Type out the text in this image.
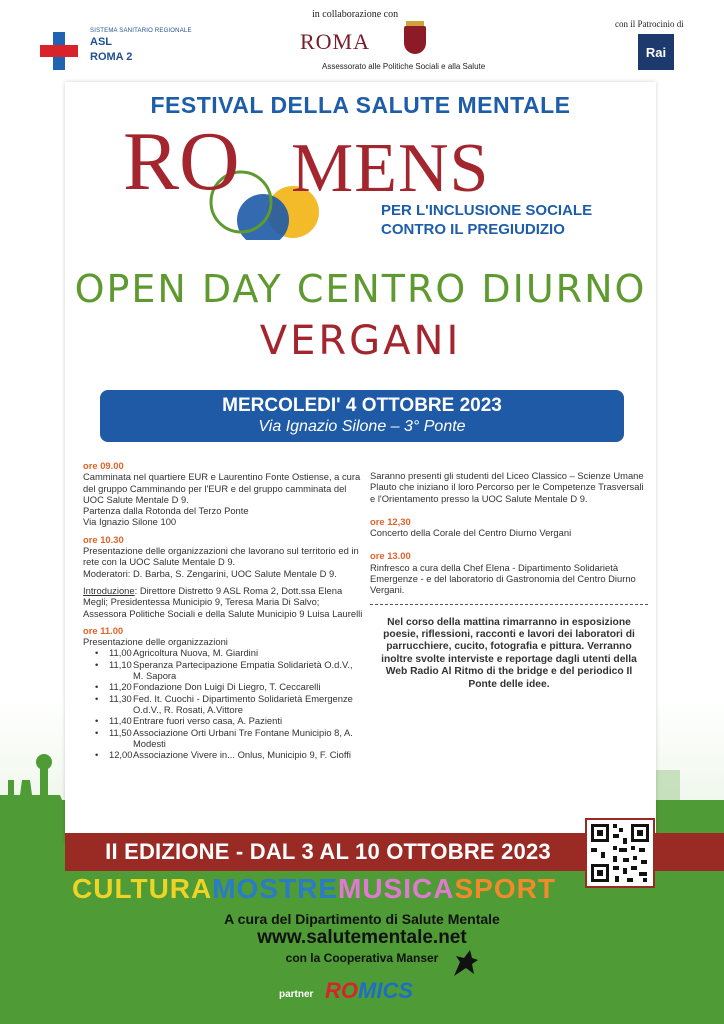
SISTEMA SANITARIO REGIONALE
ASL
ROMA 2
in collaborazione con
ROMA
Assessorato alle Politiche Sociali e alla Salute
con il Patrocinio di
Rai
FESTIVAL DELLA SALUTE MENTALE
RO MENS
PER L'INCLUSIONE SOCIALE
CONTRO IL PREGIUDIZIO
OPEN DAY CENTRO DIURNO
VERGANI
MERCOLEDI' 4 OTTOBRE 2023
Via Ignazio Silone – 3° Ponte
ore 09.00
Camminata nel quartiere EUR e Laurentino Fonte Ostiense, a cura del gruppo Camminando per l'EUR e del gruppo camminata del UOC Salute Mentale D 9.
Partenza dalla Rotonda del Terzo Ponte
Via Ignazio Silone 100
ore 10.30
Presentazione delle organizzazioni che lavorano sul territorio ed in rete con la UOC Salute Mentale D 9.
Moderatori: D. Barba, S. Zengarini, UOC Salute Mentale D 9.
Introduzione: Direttore Distretto 9 ASL Roma 2, Dott.ssa Elena Megli; Presidentessa Municipio 9, Teresa Maria Di Salvo; Assessora Politiche Sociali e della Salute Municipio 9 Luisa Laurelli
ore 11.00
Presentazione delle organizzazioni
•	11,00 Agricoltura Nuova, M. Giardini
•	11,10 Speranza Partecipazione Empatia Solidarietà O.d.V., M. Sapora
•	11,20 Fondazione Don Luigi Di Liegro, T. Ceccarelli
•	11,30 Fed. It. Cuochi - Dipartimento Solidarietà Emergenze O.d.V., R. Rosati, A.Vittore
•	11,40 Entrare fuori verso casa, A. Pazienti
•	11,50 Associazione Orti Urbani Tre Fontane Municipio 8, A. Modesti
•	12,00 Associazione Vivere in... Onlus, Municipio 9, F. Cioffi
Saranno presenti gli studenti del Liceo Classico – Scienze Umane Plauto che iniziano il loro Percorso per le Competenze Trasversali e l'Orientamento presso la UOC Salute Mentale D 9.
ore 12,30
Concerto della Corale del Centro Diurno Vergani
ore 13.00
Rinfresco a cura della Chef Elena - Dipartimento Solidarietà Emergenze - e del laboratorio di Gastronomia del Centro Diurno Vergani.
Nel corso della mattina rimarranno in esposizione poesie, riflessioni, racconti e lavori dei laboratori di parrucchiere, cucito, fotografia e pittura. Verranno inoltre svolte interviste e reportage dagli utenti della Web Radio Al Ritmo di the bridge e del periodico Il Ponte delle idee.
II EDIZIONE - DAL 3 AL 10 OTTOBRE 2023
CULTURAMOSTREMUSICASPORT
A cura del Dipartimento di Salute Mentale
www.salutementale.net
con la Cooperativa Manser
partner ROMICS
